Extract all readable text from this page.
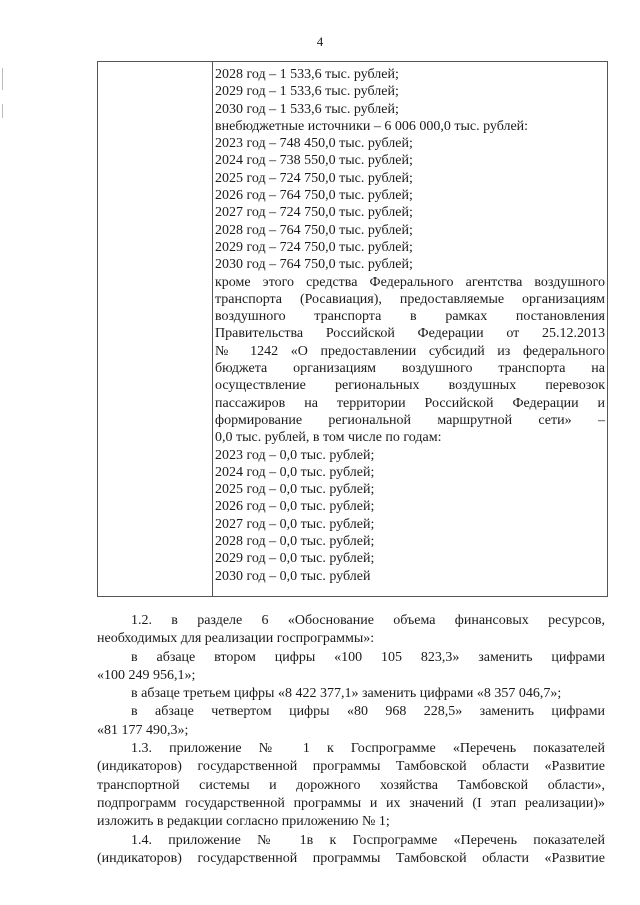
4
2028 год – 1 533,6 тыс. рублей;
2029 год – 1 533,6 тыс. рублей;
2030 год – 1 533,6 тыс. рублей;
внебюджетные источники – 6 006 000,0 тыс. рублей:
2023 год – 748 450,0 тыс. рублей;
2024 год – 738 550,0 тыс. рублей;
2025 год – 724 750,0 тыс. рублей;
2026 год – 764 750,0 тыс. рублей;
2027 год – 724 750,0 тыс. рублей;
2028 год – 764 750,0 тыс. рублей;
2029 год – 724 750,0 тыс. рублей;
2030 год – 764 750,0 тыс. рублей;
кроме этого средства Федерального агентства воздушного
транспорта (Росавиация), предоставляемые организациям
воздушного транспорта в рамках постановления
Правительства Российской Федерации от 25.12.2013
№ 1242 «О предоставлении субсидий из федерального
бюджета организациям воздушного транспорта на
осуществление региональных воздушных перевозок
пассажиров на территории Российской Федерации и
формирование региональной маршрутной сети» –
0,0 тыс. рублей, в том числе по годам:
2023 год – 0,0 тыс. рублей;
2024 год – 0,0 тыс. рублей;
2025 год – 0,0 тыс. рублей;
2026 год – 0,0 тыс. рублей;
2027 год – 0,0 тыс. рублей;
2028 год – 0,0 тыс. рублей;
2029 год – 0,0 тыс. рублей;
2030 год – 0,0 тыс. рублей
1.2. в разделе 6 «Обоснование объема финансовых ресурсов,
необходимых для реализации госпрограммы»:
в абзаце втором цифры «100 105 823,3» заменить цифрами
«100 249 956,1»;
в абзаце третьем цифры «8 422 377,1» заменить цифрами «8 357 046,7»;
в абзаце четвертом цифры «80 968 228,5» заменить цифрами
«81 177 490,3»;
1.3. приложение № 1 к Госпрограмме «Перечень показателей
(индикаторов) государственной программы Тамбовской области «Развитие
транспортной системы и дорожного хозяйства Тамбовской области»,
подпрограмм государственной программы и их значений (I этап реализации)»
изложить в редакции согласно приложению № 1;
1.4. приложение № 1в к Госпрограмме «Перечень показателей
(индикаторов) государственной программы Тамбовской области «Развитие
